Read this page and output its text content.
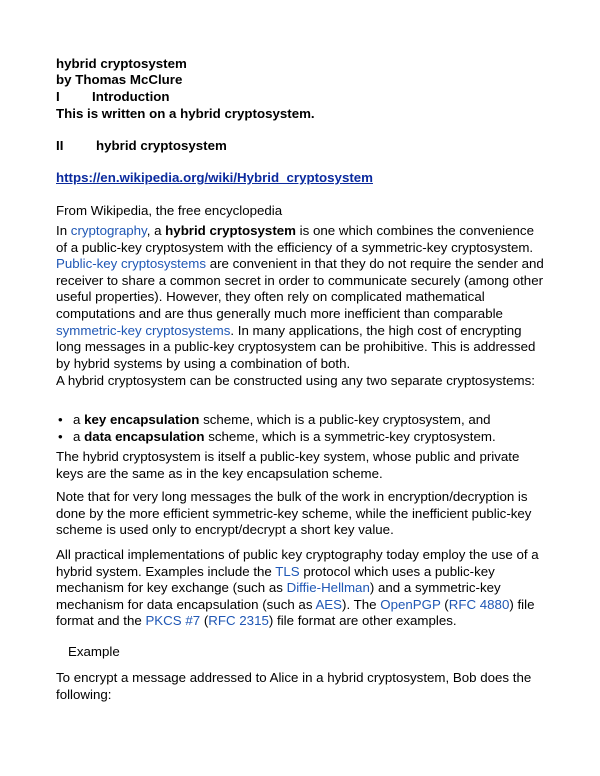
hybrid cryptosystem
by Thomas McClure
I Introduction
This is written on a hybrid cryptosystem.
II hybrid cryptosystem
https://en.wikipedia.org/wiki/Hybrid_cryptosystem
From Wikipedia, the free encyclopedia
In cryptography, a hybrid cryptosystem is one which combines the convenience of a public-key cryptosystem with the efficiency of a symmetric-key cryptosystem. Public-key cryptosystems are convenient in that they do not require the sender and receiver to share a common secret in order to communicate securely (among other useful properties). However, they often rely on complicated mathematical computations and are thus generally much more inefficient than comparable symmetric-key cryptosystems. In many applications, the high cost of encrypting long messages in a public-key cryptosystem can be prohibitive. This is addressed by hybrid systems by using a combination of both.
A hybrid cryptosystem can be constructed using any two separate cryptosystems:
• a key encapsulation scheme, which is a public-key cryptosystem, and
• a data encapsulation scheme, which is a symmetric-key cryptosystem.
The hybrid cryptosystem is itself a public-key system, whose public and private keys are the same as in the key encapsulation scheme.
Note that for very long messages the bulk of the work in encryption/decryption is done by the more efficient symmetric-key scheme, while the inefficient public-key scheme is used only to encrypt/decrypt a short key value.
All practical implementations of public key cryptography today employ the use of a hybrid system. Examples include the TLS protocol which uses a public-key mechanism for key exchange (such as Diffie-Hellman) and a symmetric-key mechanism for data encapsulation (such as AES). The OpenPGP (RFC 4880) file format and the PKCS #7 (RFC 2315) file format are other examples.
Example
To encrypt a message addressed to Alice in a hybrid cryptosystem, Bob does the following:
